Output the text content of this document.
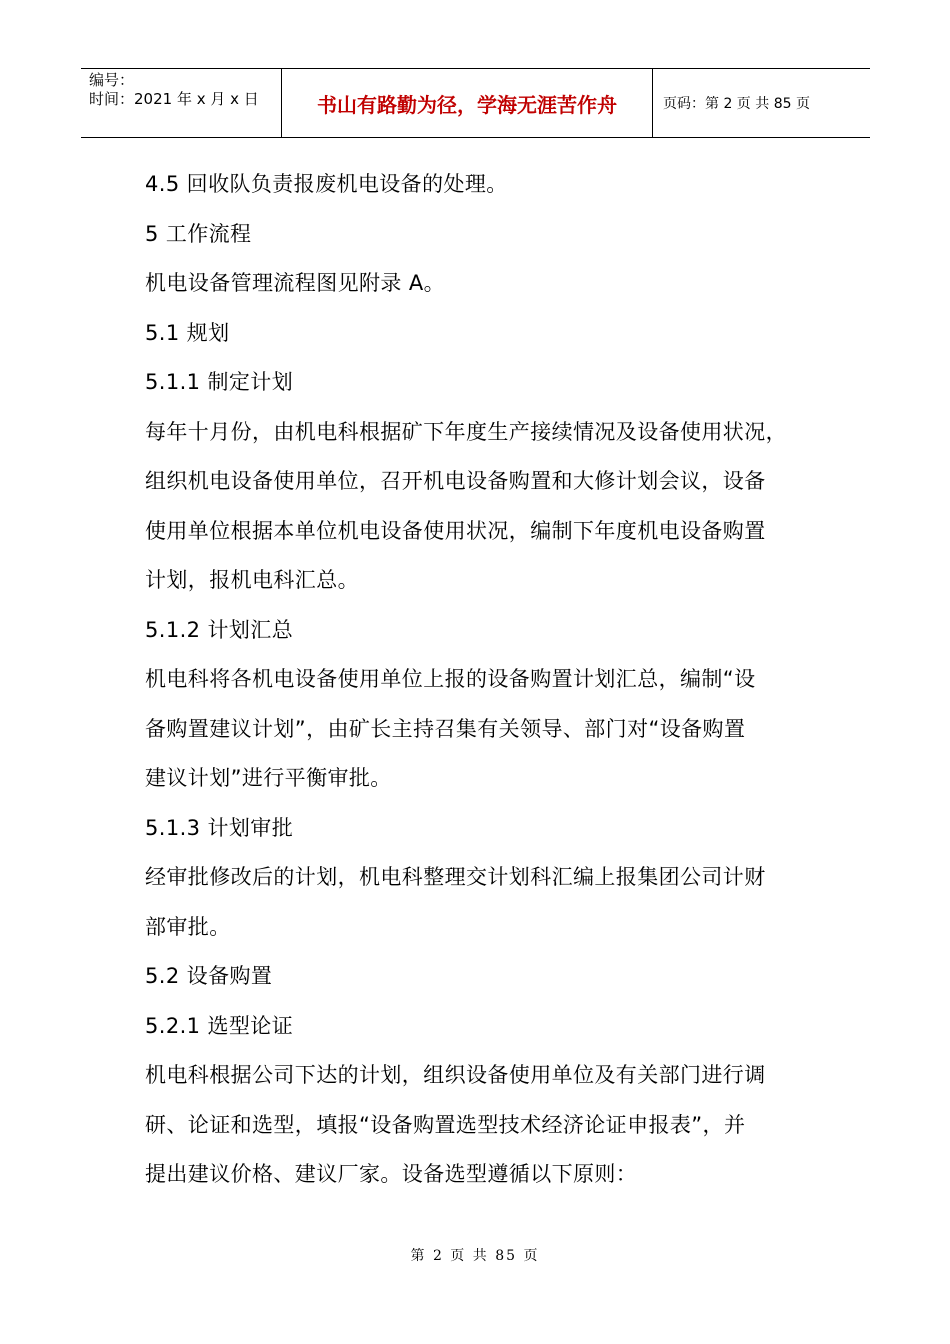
编号：
时间：2021 年 x 月 x 日	书山有路勤为径，学海无涯苦作舟	页码：第 2 页 共 85 页
4.5 回收队负责报废机电设备的处理。
5 工作流程
机电设备管理流程图见附录 A。
5.1 规划
5.1.1 制定计划
每年十月份，由机电科根据矿下年度生产接续情况及设备使用状况，
组织机电设备使用单位，召开机电设备购置和大修计划会议，设备
使用单位根据本单位机电设备使用状况，编制下年度机电设备购置
计划，报机电科汇总。
5.1.2 计划汇总
机电科将各机电设备使用单位上报的设备购置计划汇总，编制“设
备购置建议计划”，由矿长主持召集有关领导、部门对“设备购置
建议计划”进行平衡审批。
5.1.3 计划审批
经审批修改后的计划，机电科整理交计划科汇编上报集团公司计财
部审批。
5.2 设备购置
5.2.1 选型论证
机电科根据公司下达的计划，组织设备使用单位及有关部门进行调
研、论证和选型，填报“设备购置选型技术经济论证申报表”，并
提出建议价格、建议厂家。设备选型遵循以下原则：
第 2 页 共 85 页
